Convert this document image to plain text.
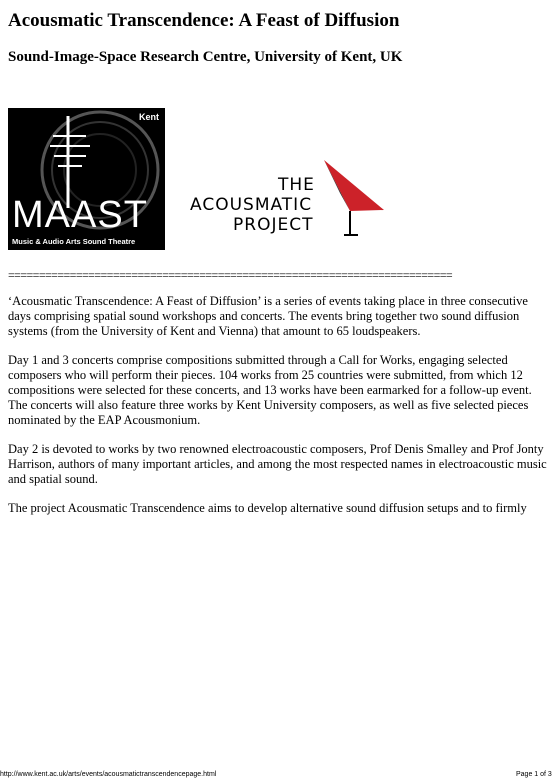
Acousmatic Transcendence: A Feast of Diffusion
Sound-Image-Space Research Centre, University of Kent, UK
Kent
MAAST
Music & Audio Arts Sound Theatre
THE
ACOUSMATIC
PROJECT
========================================================================

‘Acousmatic Transcendence: A Feast of Diffusion’ is a series of events taking place in three consecutive days comprising spatial sound workshops and concerts. The events bring together two sound diffusion systems (from the University of Kent and Vienna) that amount to 65 loudspeakers.

Day 1 and 3 concerts comprise compositions submitted through a Call for Works, engaging selected composers who will perform their pieces. 104 works from 25 countries were submitted, from which 12 compositions were selected for these concerts, and 13 works have been earmarked for a follow-up event. The concerts will also feature three works by Kent University composers, as well as five selected pieces nominated by the EAP Acousmonium.

Day 2 is devoted to works by two renowned electroacoustic composers, Prof Denis Smalley and Prof Jonty Harrison, authors of many important articles, and among the most respected names in electroacoustic music and spatial sound.

The project Acousmatic Transcendence aims to develop alternative sound diffusion setups and to firmly

http://www.kent.ac.uk/arts/events/acousmatictranscendencepage.html	Page 1 of 3
